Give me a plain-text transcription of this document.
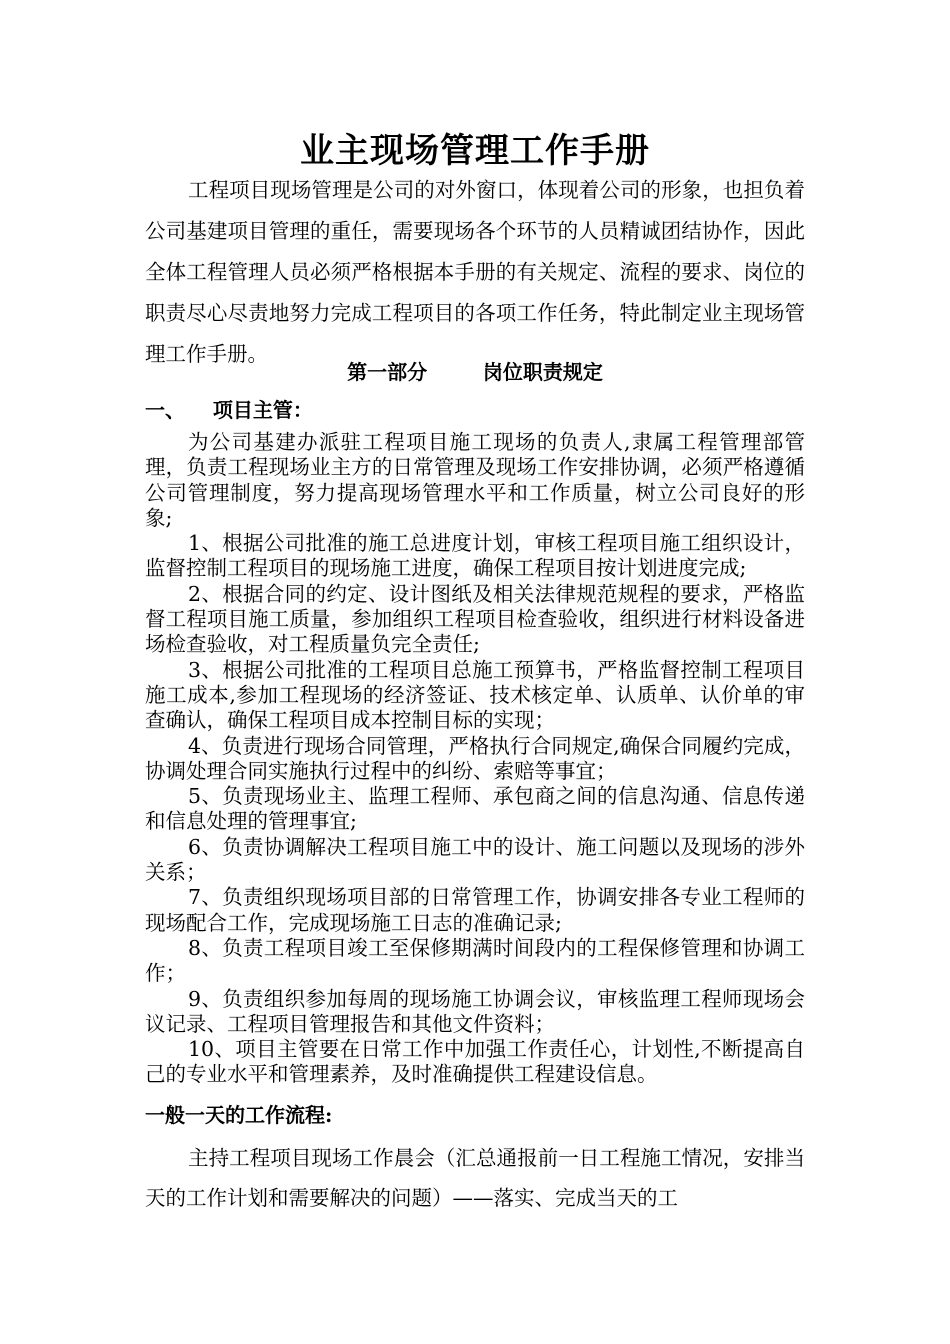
业主现场管理工作手册
工程项目现场管理是公司的对外窗口，体现着公司的形象，也担负着公司基建项目管理的重任，需要现场各个环节的人员精诚团结协作，因此全体工程管理人员必须严格根据本手册的有关规定、流程的要求、岗位的职责尽心尽责地努力完成工程项目的各项工作任务，特此制定业主现场管理工作手册。
第一部分        岗位职责规定
一、    项目主管：

为公司基建办派驻工程项目施工现场的负责人,隶属工程管理部管理，负责工程现场业主方的日常管理及现场工作安排协调，必须严格遵循公司管理制度，努力提高现场管理水平和工作质量，树立公司良好的形象;

1、根据公司批准的施工总进度计划，审核工程项目施工组织设计，监督控制工程项目的现场施工进度，确保工程项目按计划进度完成;

2、根据合同的约定、设计图纸及相关法律规范规程的要求，严格监督工程项目施工质量，参加组织工程项目检查验收，组织进行材料设备进场检查验收，对工程质量负完全责任;

3、根据公司批准的工程项目总施工预算书，严格监督控制工程项目施工成本,参加工程现场的经济签证、技术核定单、认质单、认价单的审查确认，确保工程项目成本控制目标的实现；

4、负责进行现场合同管理，严格执行合同规定,确保合同履约完成，协调处理合同实施执行过程中的纠纷、索赔等事宜；

5、负责现场业主、监理工程师、承包商之间的信息沟通、信息传递和信息处理的管理事宜;

6、负责协调解决工程项目施工中的设计、施工问题以及现场的涉外关系；

7、负责组织现场项目部的日常管理工作，协调安排各专业工程师的现场配合工作，完成现场施工日志的准确记录;

8、负责工程项目竣工至保修期满时间段内的工程保修管理和协调工作；

9、负责组织参加每周的现场施工协调会议，审核监理工程师现场会议记录、工程项目管理报告和其他文件资料；

10、项目主管要在日常工作中加强工作责任心，计划性,不断提高自己的专业水平和管理素养，及时准确提供工程建设信息。

一般一天的工作流程:

主持工程项目现场工作晨会（汇总通报前一日工程施工情况，安排当天的工作计划和需要解决的问题）——落实、完成当天的工
